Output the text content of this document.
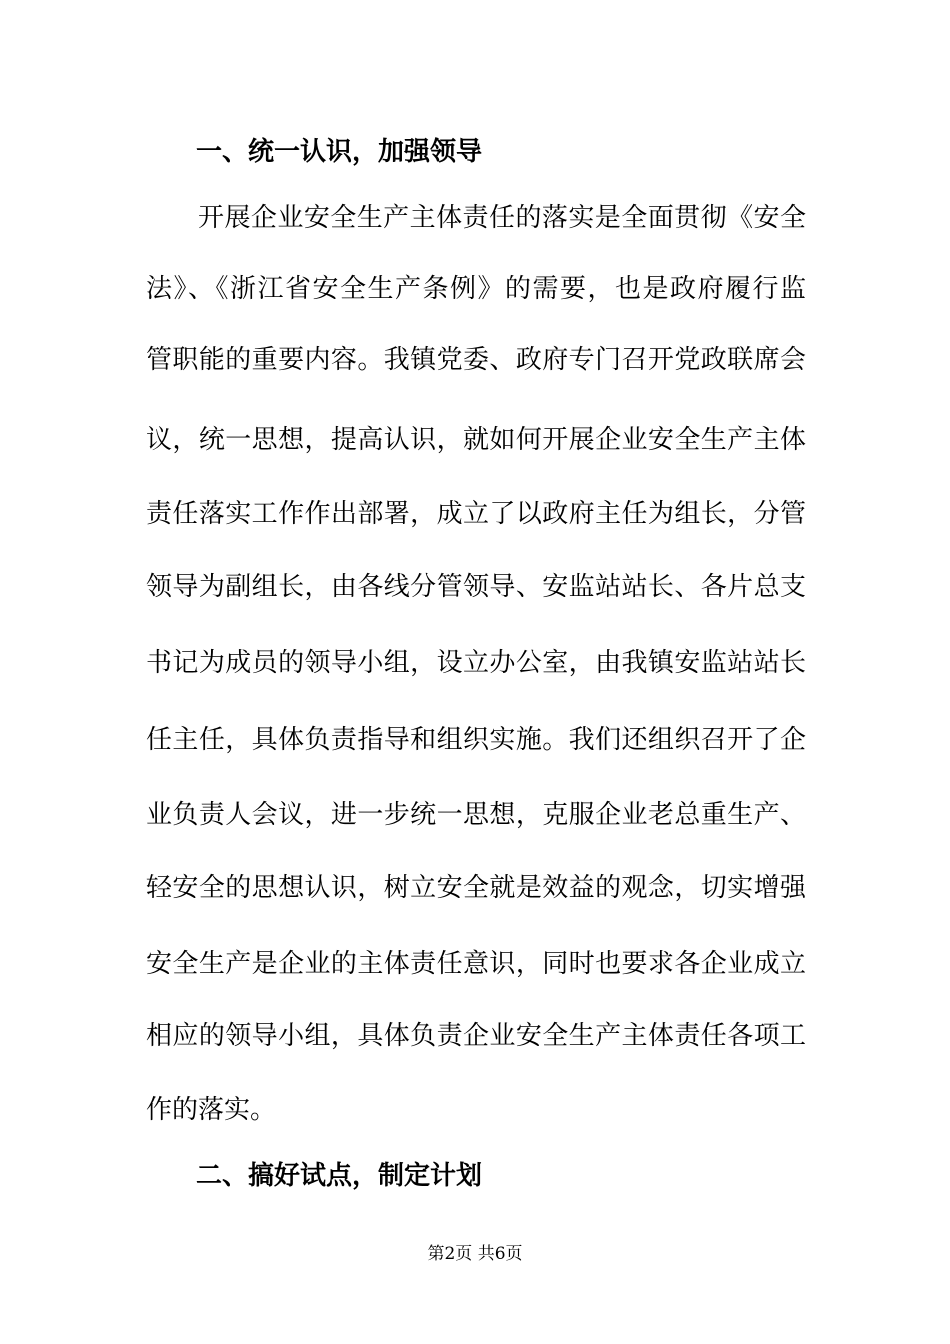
一、统一认识，加强领导
开展企业安全生产主体责任的落实是全面贯彻《安全
法》、《浙江省安全生产条例》的需要，也是政府履行监
管职能的重要内容。我镇党委、政府专门召开党政联席会
议，统一思想，提高认识，就如何开展企业安全生产主体
责任落实工作作出部署，成立了以政府主任为组长，分管
领导为副组长，由各线分管领导、安监站站长、各片总支
书记为成员的领导小组，设立办公室，由我镇安监站站长
任主任，具体负责指导和组织实施。我们还组织召开了企
业负责人会议，进一步统一思想，克服企业老总重生产、
轻安全的思想认识，树立安全就是效益的观念，切实增强
安全生产是企业的主体责任意识，同时也要求各企业成立
相应的领导小组，具体负责企业安全生产主体责任各项工
作的落实。
二、搞好试点，制定计划
第2页 共6页
